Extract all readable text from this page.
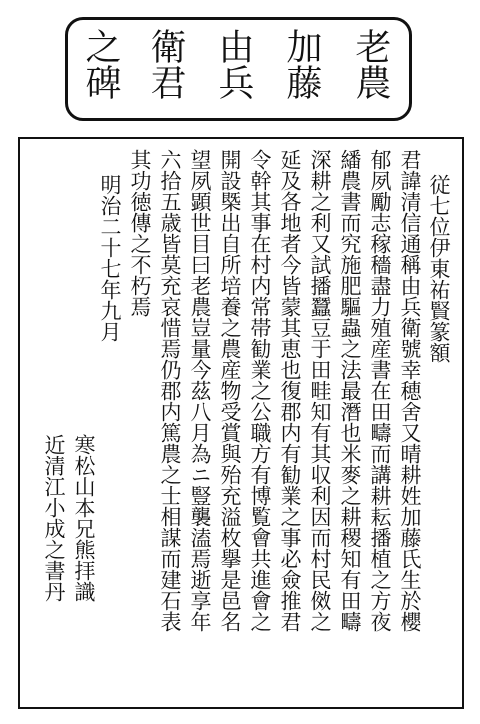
老農
加藤
由兵
衛君
之碑
従七位伊東祐賢篆額
君諱清信通稱由兵衛號幸穂舍又晴耕姓加藤氏生於櫻
郁夙勵志稼穡盡力殖産書在田疇而講耕耘播植之方夜
繙農書而究施肥驅蟲之法最潛也米麥之耕稷知有田疇
深耕之利又試播蠶豆于田畦知有其収利因而村民傚之
延及各地者今皆蒙其恵也復郡内有勧業之事必僉推君
令幹其事在村内常帯勧業之公職方有博覧會共進會之
開設槩出自所培養之農産物受賞與殆充溢枚擧是邑名
望夙顕世目曰老農豈量今茲八月為ニ豎襲溘焉逝享年
六拾五歳皆莫充哀惜焉仍郡内篤農之士相謀而建石表
其功徳傳之不朽焉
明治二十七年九月
寒松山本兄熊拝識
近清江小成之書丹
